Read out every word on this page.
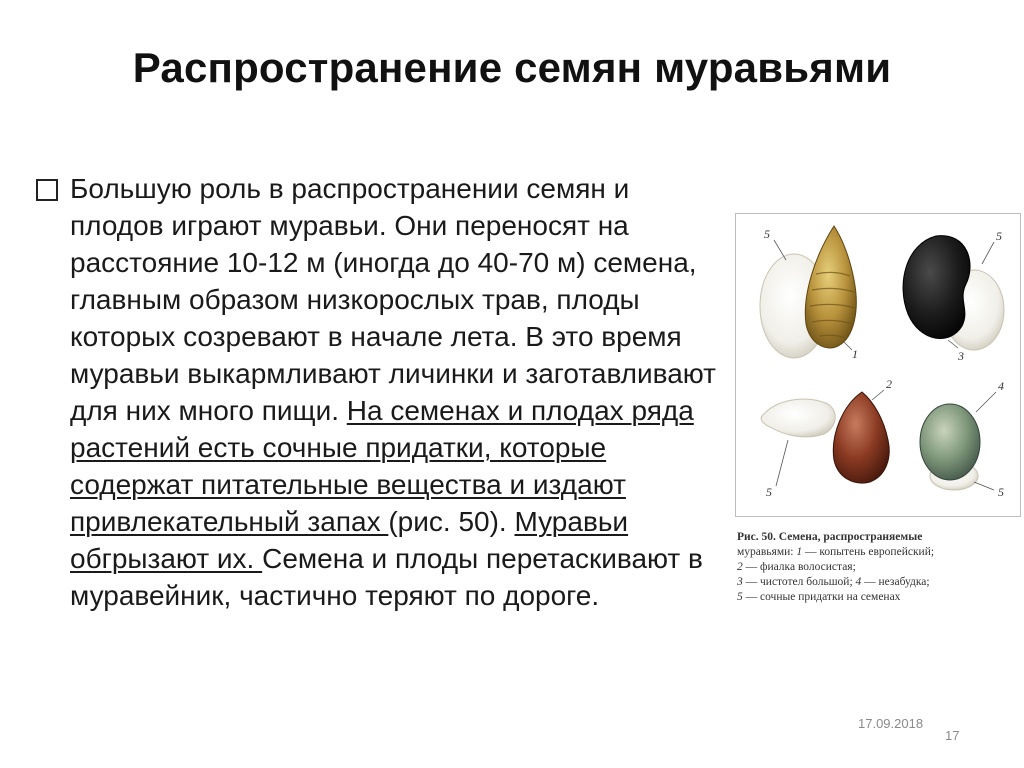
Распространение семян муравьями
Большую роль в распространении семян и плодов играют муравьи. Они переносят на расстояние 10-12 м (иногда до 40-70 м) семена, главным образом низкорослых трав, плоды которых созревают в начале лета. В это время муравьи выкармливают личинки и заготавливают для них много пищи. На семенах и плодах ряда растений есть сочные придатки, которые содержат питательные вещества и издают привлекательный запах (рис. 50). Муравьи обгрызают их. Семена и плоды перетаскивают в муравейник, частично теряют по дороге.
5
1
5
3
2
5
4
5
Рис. 50. Семена, распространяемые
муравьями: 1 — копытень европейский;
2 — фиалка волосистая;
3 — чистотел большой; 4 — незабудка;
5 — сочные придатки на семенах
17.09.2018
17
